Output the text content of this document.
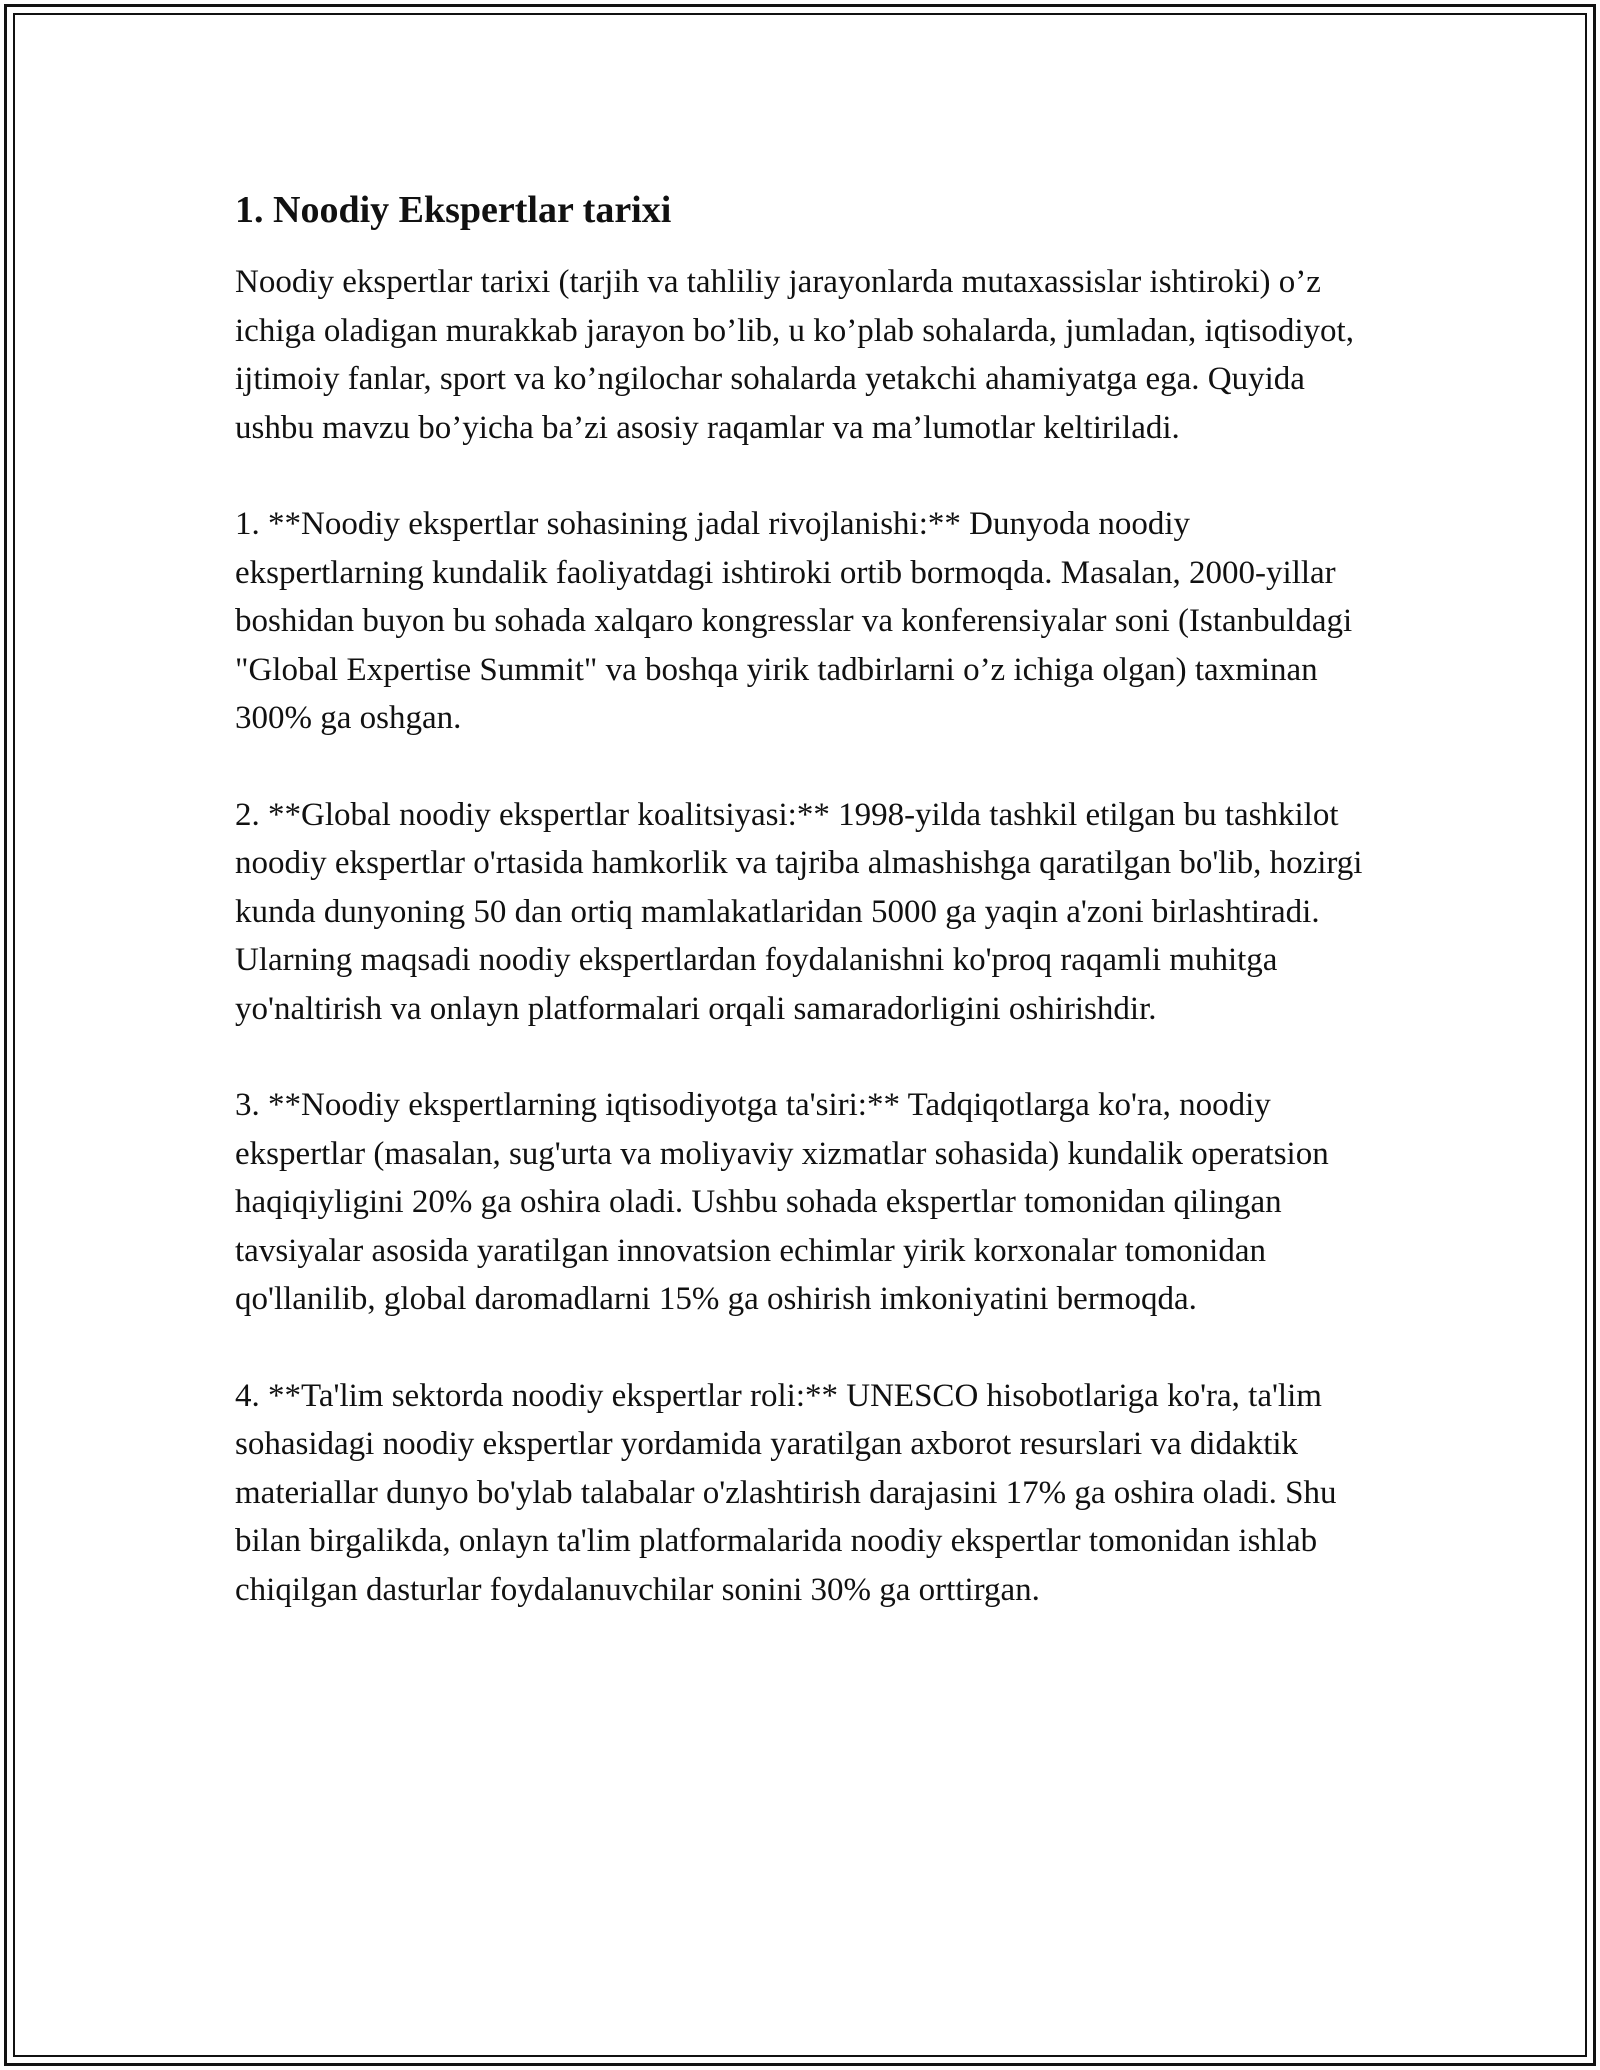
1. Noodiy Ekspertlar tarixi

Noodiy ekspertlar tarixi (tarjih va tahliliy jarayonlarda mutaxassislar ishtiroki) o’z ichiga oladigan murakkab jarayon bo’lib, u ko’plab sohalarda, jumladan, iqtisodiyot, ijtimoiy fanlar, sport va ko’ngilochar sohalarda yetakchi ahamiyatga ega. Quyida ushbu mavzu bo’yicha ba’zi asosiy raqamlar va ma’lumotlar keltiriladi.

1. **Noodiy ekspertlar sohasining jadal rivojlanishi:** Dunyoda noodiy ekspertlarning kundalik faoliyatdagi ishtiroki ortib bormoqda. Masalan, 2000-yillar boshidan buyon bu sohada xalqaro kongresslar va konferensiyalar soni (Istanbuldagi "Global Expertise Summit" va boshqa yirik tadbirlarni o’z ichiga olgan) taxminan 300% ga oshgan.

2. **Global noodiy ekspertlar koalitsiyasi:** 1998-yilda tashkil etilgan bu tashkilot noodiy ekspertlar o'rtasida hamkorlik va tajriba almashishga qaratilgan bo'lib, hozirgi kunda dunyoning 50 dan ortiq mamlakatlaridan 5000 ga yaqin a'zoni birlashtiradi. Ularning maqsadi noodiy ekspertlardan foydalanishni ko'proq raqamli muhitga yo'naltirish va onlayn platformalari orqali samaradorligini oshirishdir.

3. **Noodiy ekspertlarning iqtisodiyotga ta'siri:** Tadqiqotlarga ko'ra, noodiy ekspertlar (masalan, sug'urta va moliyaviy xizmatlar sohasida) kundalik operatsion haqiqiyligini 20% ga oshira oladi. Ushbu sohada ekspertlar tomonidan qilingan tavsiyalar asosida yaratilgan innovatsion echimlar yirik korxonalar tomonidan qo'llanilib, global daromadlarni 15% ga oshirish imkoniyatini bermoqda.

4. **Ta'lim sektorda noodiy ekspertlar roli:** UNESCO hisobotlariga ko'ra, ta'lim sohasidagi noodiy ekspertlar yordamida yaratilgan axborot resurslari va didaktik materiallar dunyo bo'ylab talabalar o'zlashtirish darajasini 17% ga oshira oladi. Shu bilan birgalikda, onlayn ta'lim platformalarida noodiy ekspertlar tomonidan ishlab chiqilgan dasturlar foydalanuvchilar sonini 30% ga orttirgan.
